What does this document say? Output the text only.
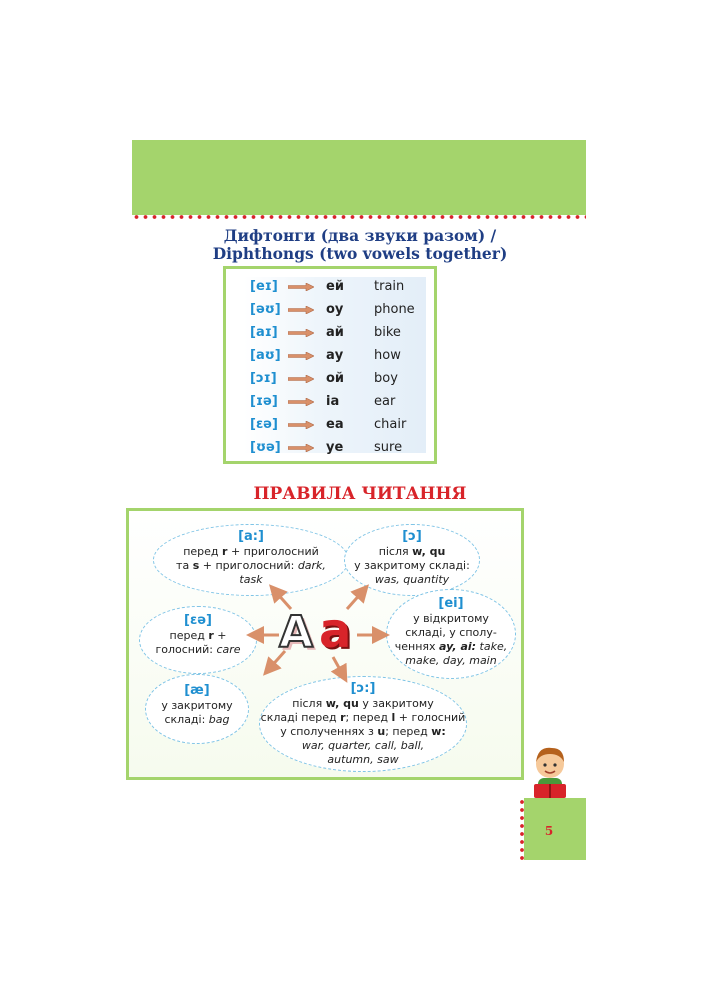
Дифтонги (два звуки разом) /
Diphthongs (two vowels together)
[eɪ]	ей train
[əʊ]	оу phone
[aɪ]	ай bike
[aʊ]	ау how
[ɔɪ]	ой boy
[ɪə]	іа	ear
[ɛə]	еа chair
[ʊə]	уе sure
ПРАВИЛА ЧИТАННЯ
[a:]
перед r + приголосний
та s + приголосний: dark,
task
[ɔ]
після w, qu
у закритому складі:
was, quantity
[ɛə]
перед r +
голосний: care
[ei]
у відкритому
складі, у сполу-
ченнях ay, ai: take,
make, day, main
[æ]
у закритому
складі: bag
[ɔ:]
після w, qu у закритому
складі перед r; перед l + голосний
у сполученнях з u; перед w:
war, quarter, call, ball,
autumn, saw
A a
5
